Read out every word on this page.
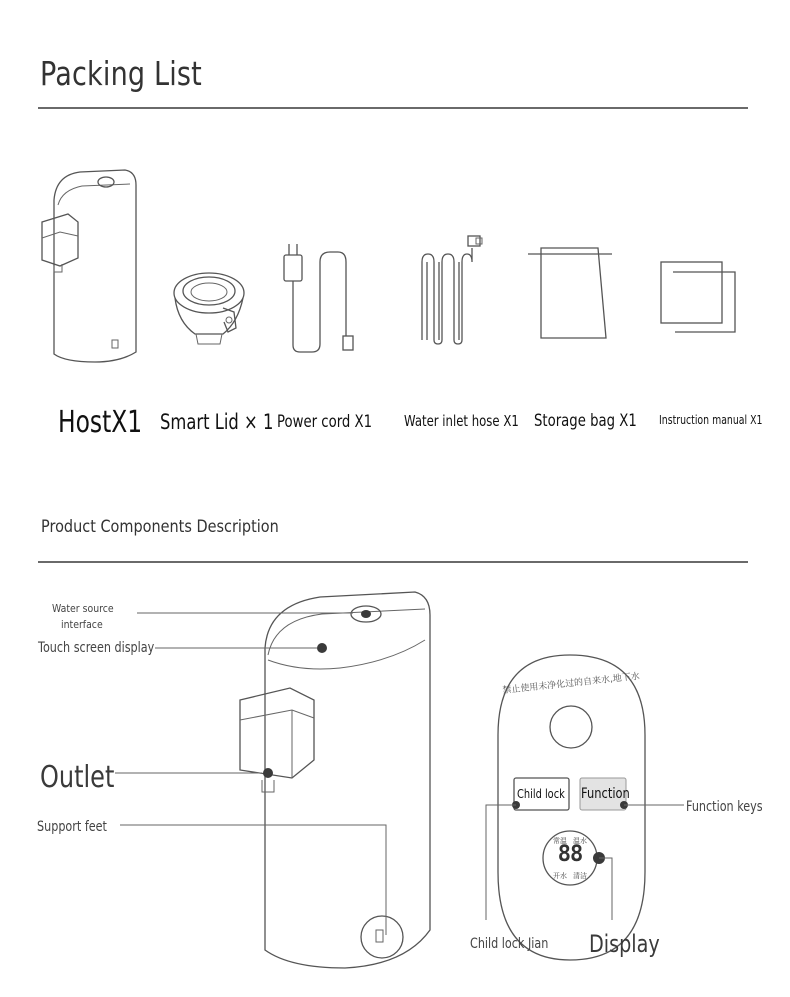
Packing List
HostX1 Smart Lid × 1 Power cord X1 Water inlet hose X1 Storage bag X1 Instruction manual X1
Product Components Description
禁止使用未净化过的自来水,地下水
Child lock Function
常温 温水
88
开水 清洁
Water source
interface
Touch screen display
Outlet
Support feet
Function keys
Child lock Jian Display
